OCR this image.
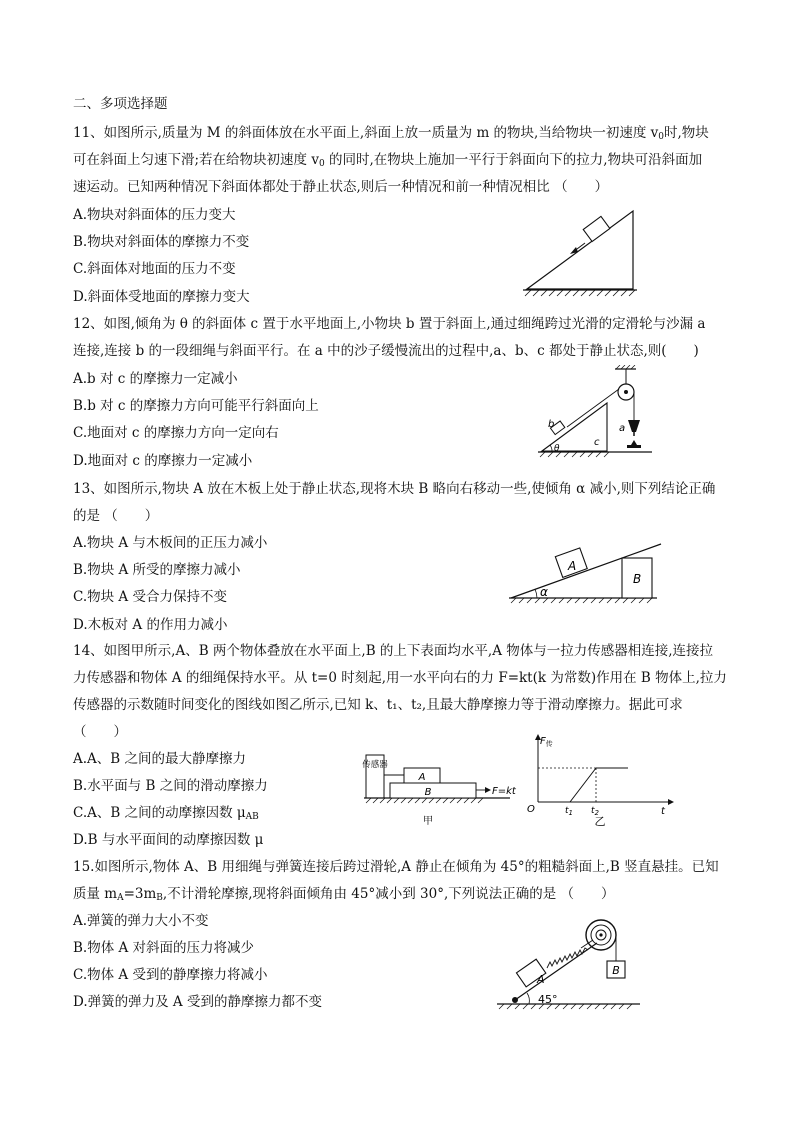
二、多项选择题
11、如图所示,质量为 M 的斜面体放在水平面上,斜面上放一质量为 m 的物块,当给物块一初速度 $v_0$时,物块
可在斜面上匀速下滑;若在给物块初速度 $v_0$ 的同时,在物块上施加一平行于斜面向下的拉力,物块可沿斜面加
速运动。已知两种情况下斜面体都处于静止状态,则后一种情况和前一种情况相比 （　　）
A.物块对斜面体的压力变大
B.物块对斜面体的摩擦力不变
C.斜面体对地面的压力不变
D.斜面体受地面的摩擦力变大
12、如图,倾角为 θ 的斜面体 c 置于水平地面上,小物块 b 置于斜面上,通过细绳跨过光滑的定滑轮与沙漏 a
连接,连接 b 的一段细绳与斜面平行。在 a 中的沙子缓慢流出的过程中,a、b、c 都处于静止状态,则(　　)
A.b 对 c 的摩擦力一定减小
B.b 对 c 的摩擦力方向可能平行斜面向上
C.地面对 c 的摩擦力方向一定向右
D.地面对 c 的摩擦力一定减小
b
c
a
θ
13、如图所示,物块 A 放在木板上处于静止状态,现将木块 B 略向右移动一些,使倾角 α 减小,则下列结论正确
的是 （　　）
A.物块 A 与木板间的正压力减小
B.物块 A 所受的摩擦力减小
C.物块 A 受合力保持不变
D.木板对 A 的作用力减小
α
A
B
14、如图甲所示,A、B 两个物体叠放在水平面上,B 的上下表面均水平,A 物体与一拉力传感器相连接,连接拉
力传感器和物体 A 的细绳保持水平。从 t=0 时刻起,用一水平向右的力 F=kt(k 为常数)作用在 B 物体上,拉力
传感器的示数随时间变化的图线如图乙所示,已知 k、t₁、t₂,且最大静摩擦力等于滑动摩擦力。据此可求
（　　）
A.A、B 之间的最大静摩擦力
B.水平面与 B 之间的滑动摩擦力
C.A、B 之间的动摩擦因数 $\mu_{AB}$
D.B 与水平面间的动摩擦因数 μ
传感器
A
B	F=kt
甲
$F_传$
O	t
$t_1$ $t_2$
乙
15.如图所示,物体 A、B 用细绳与弹簧连接后跨过滑轮,A 静止在倾角为 45°的粗糙斜面上,B 竖直悬挂。已知
质量 $m_A=3m_B$,不计滑轮摩擦,现将斜面倾角由 45°减小到 30°,下列说法正确的是 （　　）
A.弹簧的弹力大小不变
B.物体 A 对斜面的压力将减少
C.物体 A 受到的静摩擦力将减小
D.弹簧的弹力及 A 受到的静摩擦力都不变
A
B
45°
